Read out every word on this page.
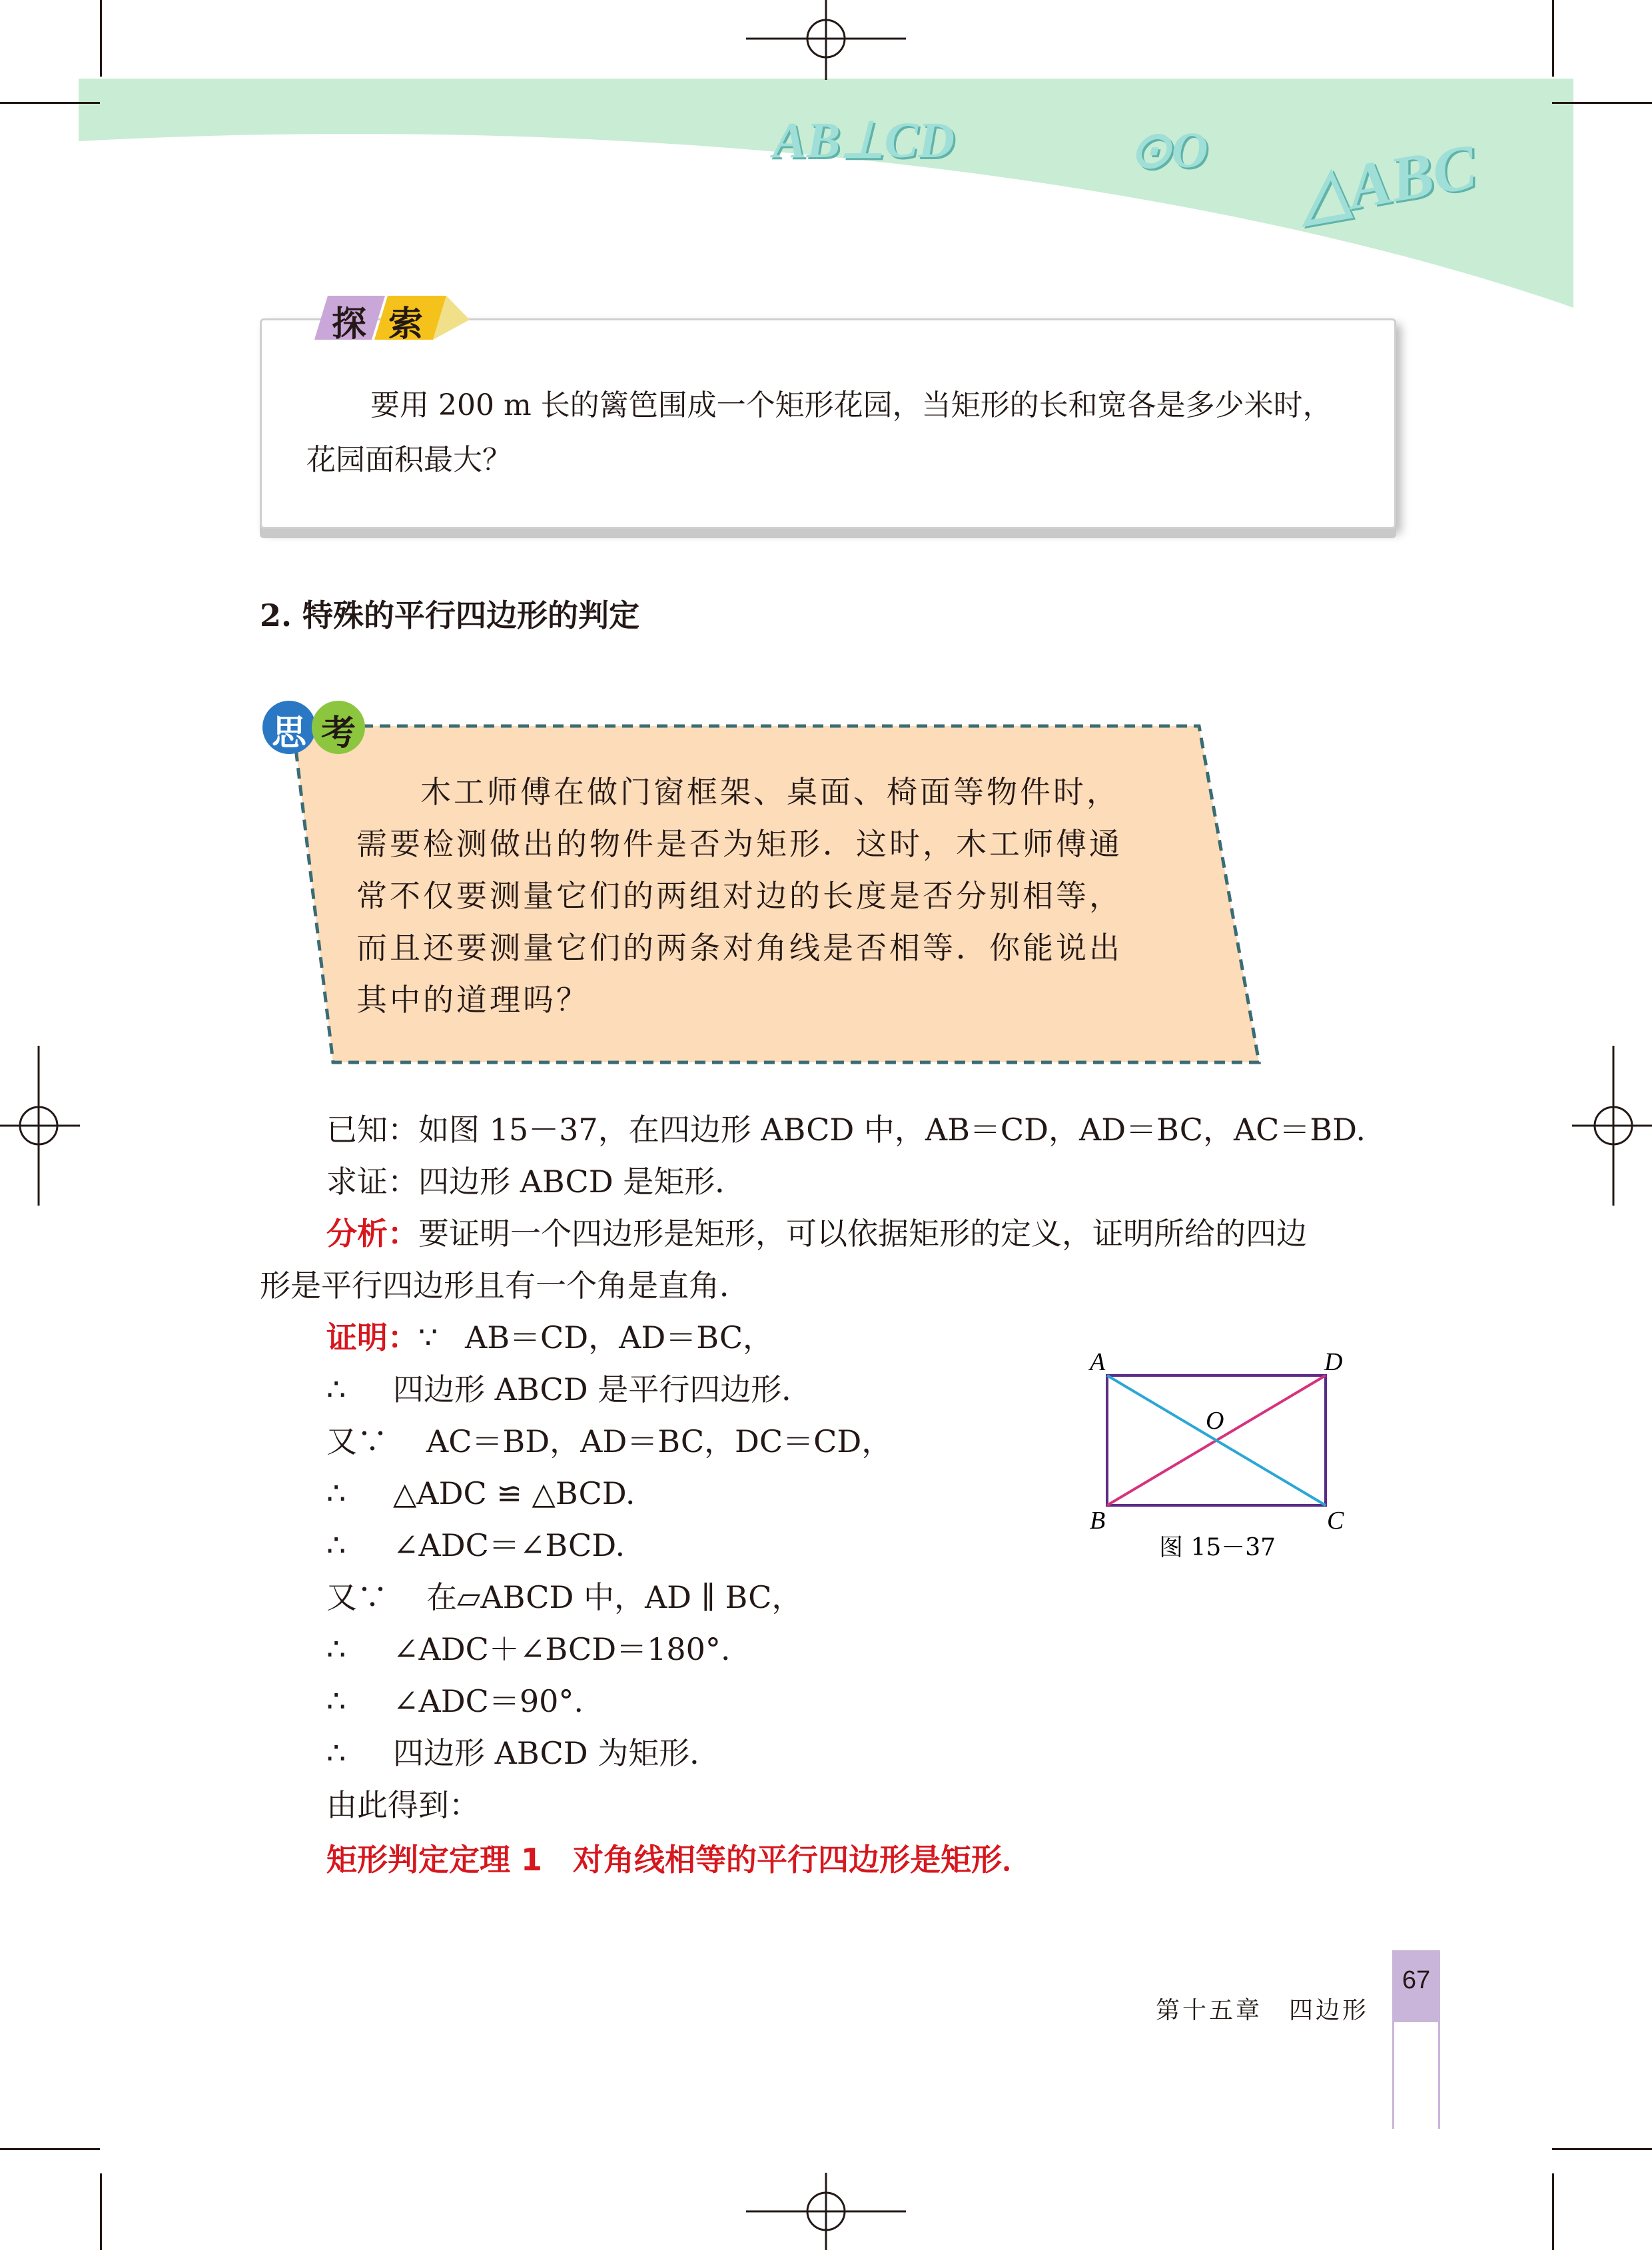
AB⊥CD	⊙O △ABC
探 索
要用 200 m 长的篱笆围成一个矩形花园，当矩形的长和宽各是多少米时，花园面积最大？
2. 特殊的平行四边形的判定
思 考
木工师傅在做门窗框架、桌面、椅面等物件时，
需要检测做出的物件是否为矩形．这时，木工师傅通
常不仅要测量它们的两组对边的长度是否分别相等，
而且还要测量它们的两条对角线是否相等．你能说出
其中的道理吗？
已知：如图 15－37，在四边形 ABCD 中，AB＝CD，AD＝BC，AC＝BD.
求证：四边形 ABCD 是矩形．
分析：要证明一个四边形是矩形，可以依据矩形的定义，证明所给的四边
形是平行四边形且有一个角是直角．
证明：∵ AB＝CD，AD＝BC，
∴ 四边形 ABCD 是平行四边形．
又∵ AC＝BD，AD＝BC，DC＝CD，
∴ △ADC ≌ △BCD.
∴ ∠ADC＝∠BCD.
又∵ 在▱ABCD 中，AD ∥ BC，
∴ ∠ADC＋∠BCD＝180°.
∴ ∠ADC＝90°.
∴ 四边形 ABCD 为矩形．
由此得到：
矩形判定定理 1　对角线相等的平行四边形是矩形．
A	D
B	C
O
图 15－37
第十五章　四边形
67
